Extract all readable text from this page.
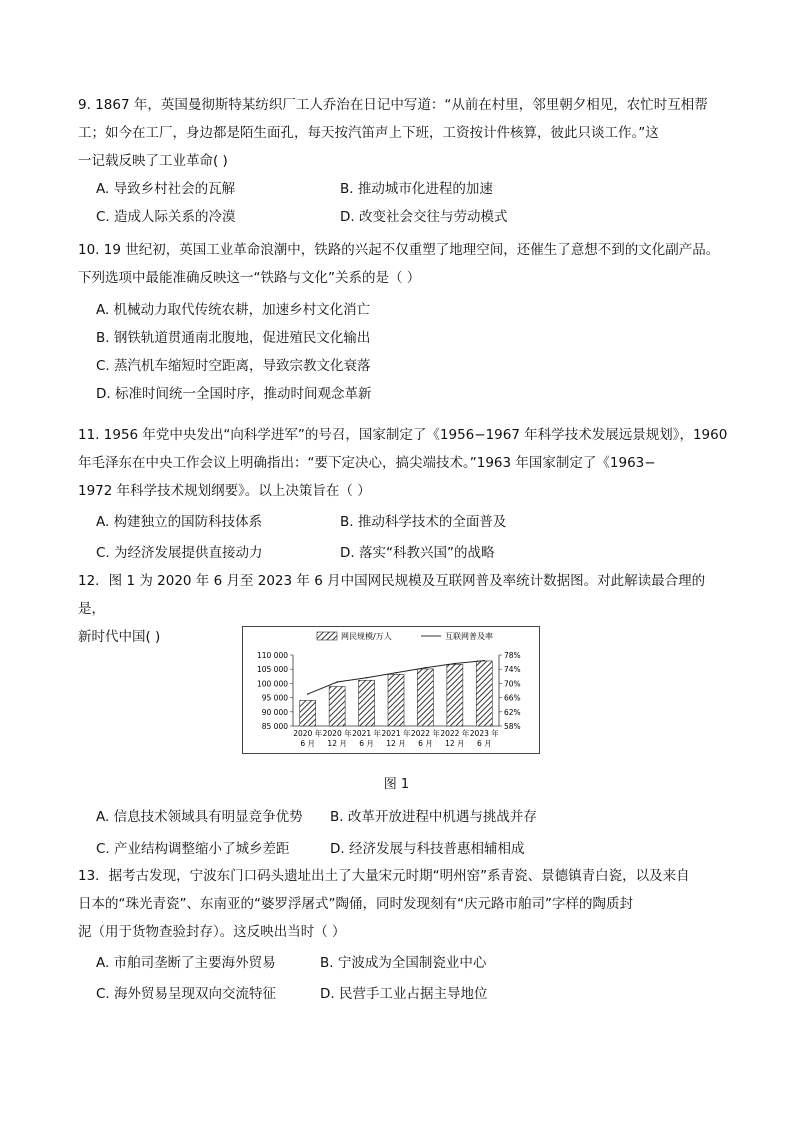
9. 1867 年，英国曼彻斯特某纺织厂工人乔治在日记中写道：“从前在村里，邻里朝夕相见，农忙时互相帮
工；如今在工厂，身边都是陌生面孔，每天按汽笛声上下班，工资按计件核算，彼此只谈工作。”这
一记载反映了工业革命( )

A. 导致乡村社会的瓦解	B. 推动城市化进程的加速
C. 造成人际关系的冷漠	D. 改变社会交往与劳动模式

10. 19 世纪初，英国工业革命浪潮中，铁路的兴起不仅重塑了地理空间，还催生了意想不到的文化副产品。
下列选项中最能准确反映这一“铁路与文化”关系的是（ ）

A. 机械动力取代传统农耕，加速乡村文化消亡
B. 钢铁轨道贯通南北腹地，促进殖民文化输出
C. 蒸汽机车缩短时空距离，导致宗教文化衰落
D. 标准时间统一全国时序，推动时间观念革新

11. 1956 年党中央发出“向科学进军”的号召，国家制定了《1956−1967 年科学技术发展远景规划》，1960
年毛泽东在中央工作会议上明确指出：“要下定决心，搞尖端技术。”1963 年国家制定了《1963−
1972 年科学技术规划纲要》。以上决策旨在（ ）

A. 构建独立的国防科技体系	B. 推动科学技术的全面普及
C. 为经济发展提供直接动力	D. 落实“科教兴国”的战略

12．图 1 为 2020 年 6 月至 2023 年 6 月中国网民规模及互联网普及率统计数据图。对此解读最合理的是，
新时代中国( )	网民规模/万人	互联网普及率
110 000
105 000
100 000
95 000
90 000
85 000
78%
74%
70%
66%
62%
58%
2020 年
6 月
2020 年
12 月
2021 年
6 月
2021 年
12 月
2022 年
6 月
2022 年
12 月
2023 年
6 月
图 1
A. 信息技术领域具有明显竞争优势 B. 改革开放进程中机遇与挑战并存
C. 产业结构调整缩小了城乡差距	D. 经济发展与科技普惠相辅相成

13．据考古发现，宁波东门口码头遗址出土了大量宋元时期“明州窑”系青瓷、景德镇青白瓷，以及来自
日本的“珠光青瓷”、东南亚的“婆罗浮屠式”陶俑，同时发现刻有“庆元路市舶司”字样的陶质封
泥（用于货物查验封存）。这反映出当时（ ）

A. 市舶司垄断了主要海外贸易	B. 宁波成为全国制瓷业中心
C. 海外贸易呈现双向交流特征	D. 民营手工业占据主导地位
